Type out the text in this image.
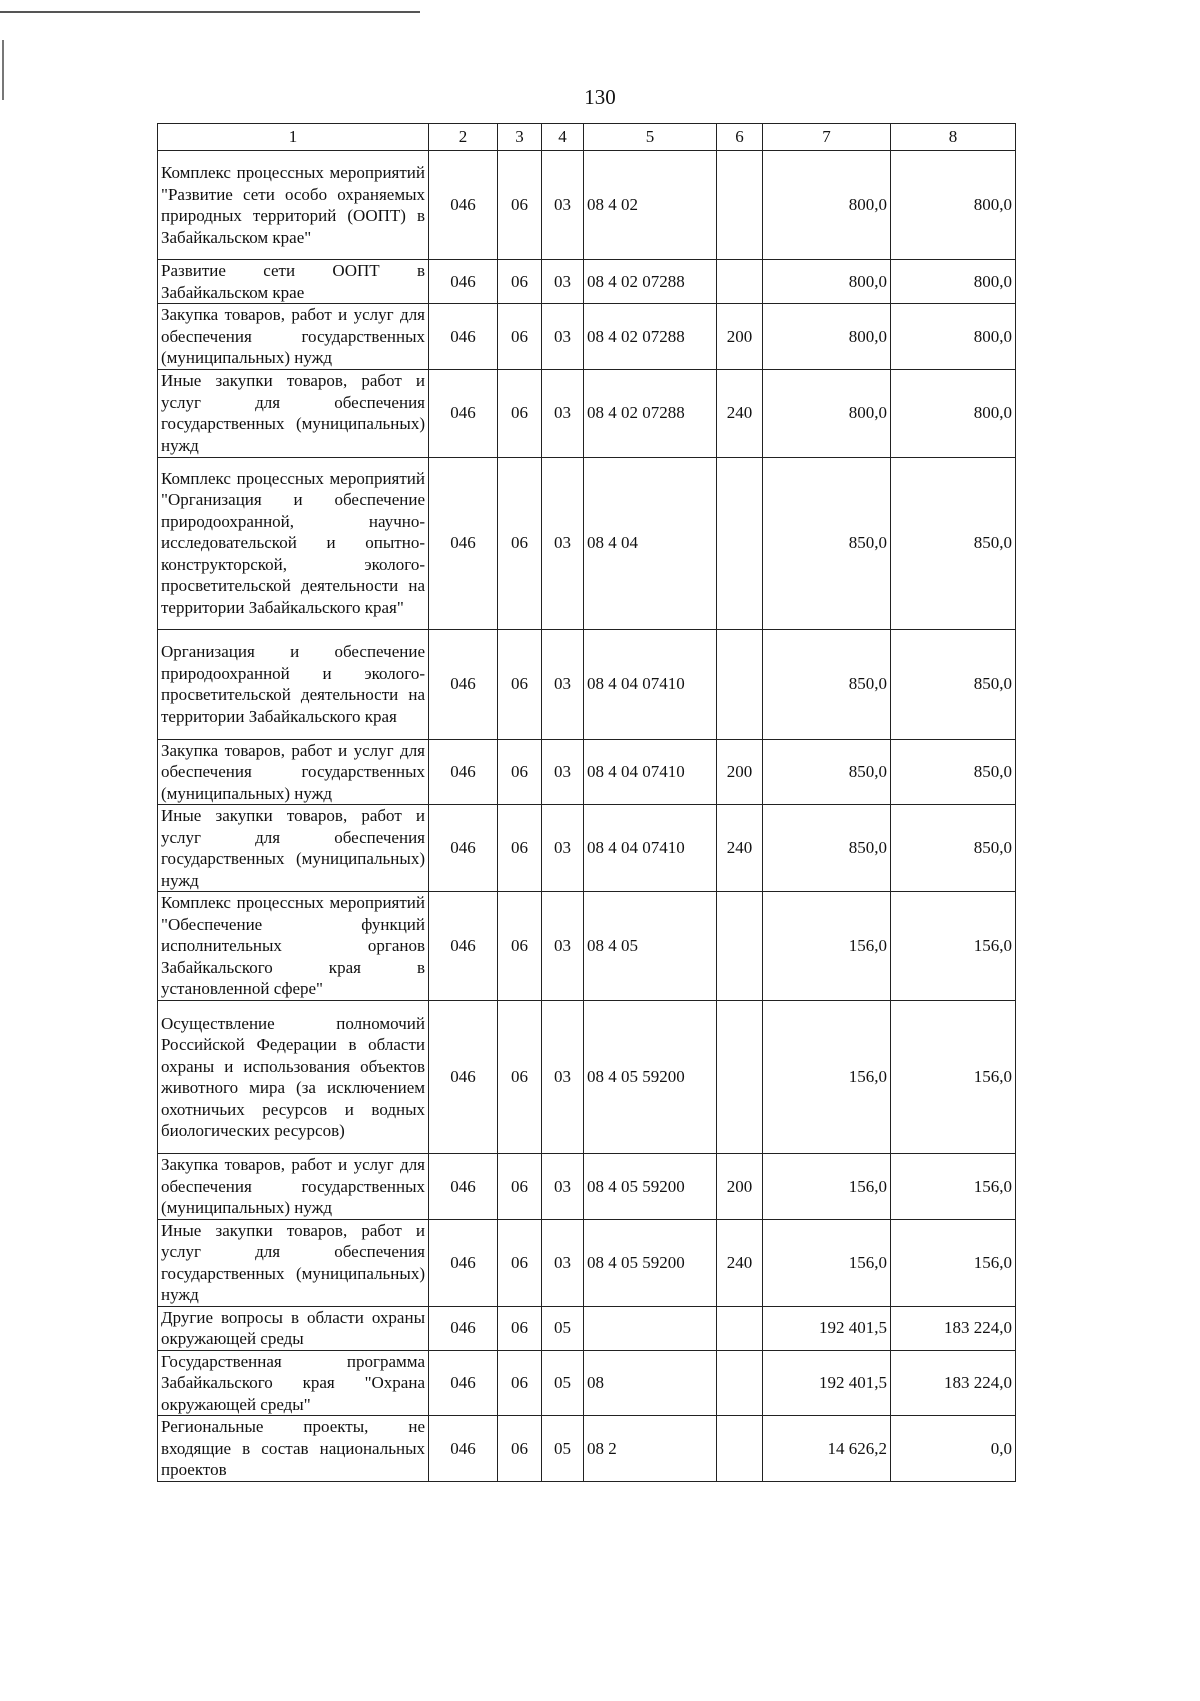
130
1	2	3	4	5	6	7	8
Комплекс процессных мероприятий "Развитие сети особо охраняемых природных территорий (ООПТ) в Забайкальском крае"	046	06	03	08 4 02		800,0	800,0
Развитие сети ООПТ в Забайкальском крае	046	06	03	08 4 02 07288		800,0	800,0
Закупка товаров, работ и услуг для обеспечения государственных (муниципальных) нужд	046	06	03	08 4 02 07288	200	800,0	800,0
Иные закупки товаров, работ и услуг для обеспечения государственных (муниципальных) нужд	046	06	03	08 4 02 07288	240	800,0	800,0
Комплекс процессных мероприятий "Организация и обеспечение природоохранной, научно-исследовательской и опытно-конструкторской, эколого-просветительской деятельности на территории Забайкальского края"	046	06	03	08 4 04		850,0	850,0
Организация и обеспечение природоохранной и эколого-просветительской деятельности на территории Забайкальского края	046	06	03	08 4 04 07410		850,0	850,0
Закупка товаров, работ и услуг для обеспечения государственных (муниципальных) нужд	046	06	03	08 4 04 07410	200	850,0	850,0
Иные закупки товаров, работ и услуг для обеспечения государственных (муниципальных) нужд	046	06	03	08 4 04 07410	240	850,0	850,0
Комплекс процессных мероприятий "Обеспечение функций исполнительных органов Забайкальского края в установленной сфере"	046	06	03	08 4 05		156,0	156,0
Осуществление полномочий Российской Федерации в области охраны и использования объектов животного мира (за исключением охотничьих ресурсов и водных биологических ресурсов)	046	06	03	08 4 05 59200		156,0	156,0
Закупка товаров, работ и услуг для обеспечения государственных (муниципальных) нужд	046	06	03	08 4 05 59200	200	156,0	156,0
Иные закупки товаров, работ и услуг для обеспечения государственных (муниципальных) нужд	046	06	03	08 4 05 59200	240	156,0	156,0
Другие вопросы в области охраны окружающей среды	046	06	05			192 401,5	183 224,0
Государственная программа Забайкальского края "Охрана окружающей среды"	046	06	05	08		192 401,5	183 224,0
Региональные проекты, не входящие в состав национальных проектов	046	06	05	08 2		14 626,2	0,0
